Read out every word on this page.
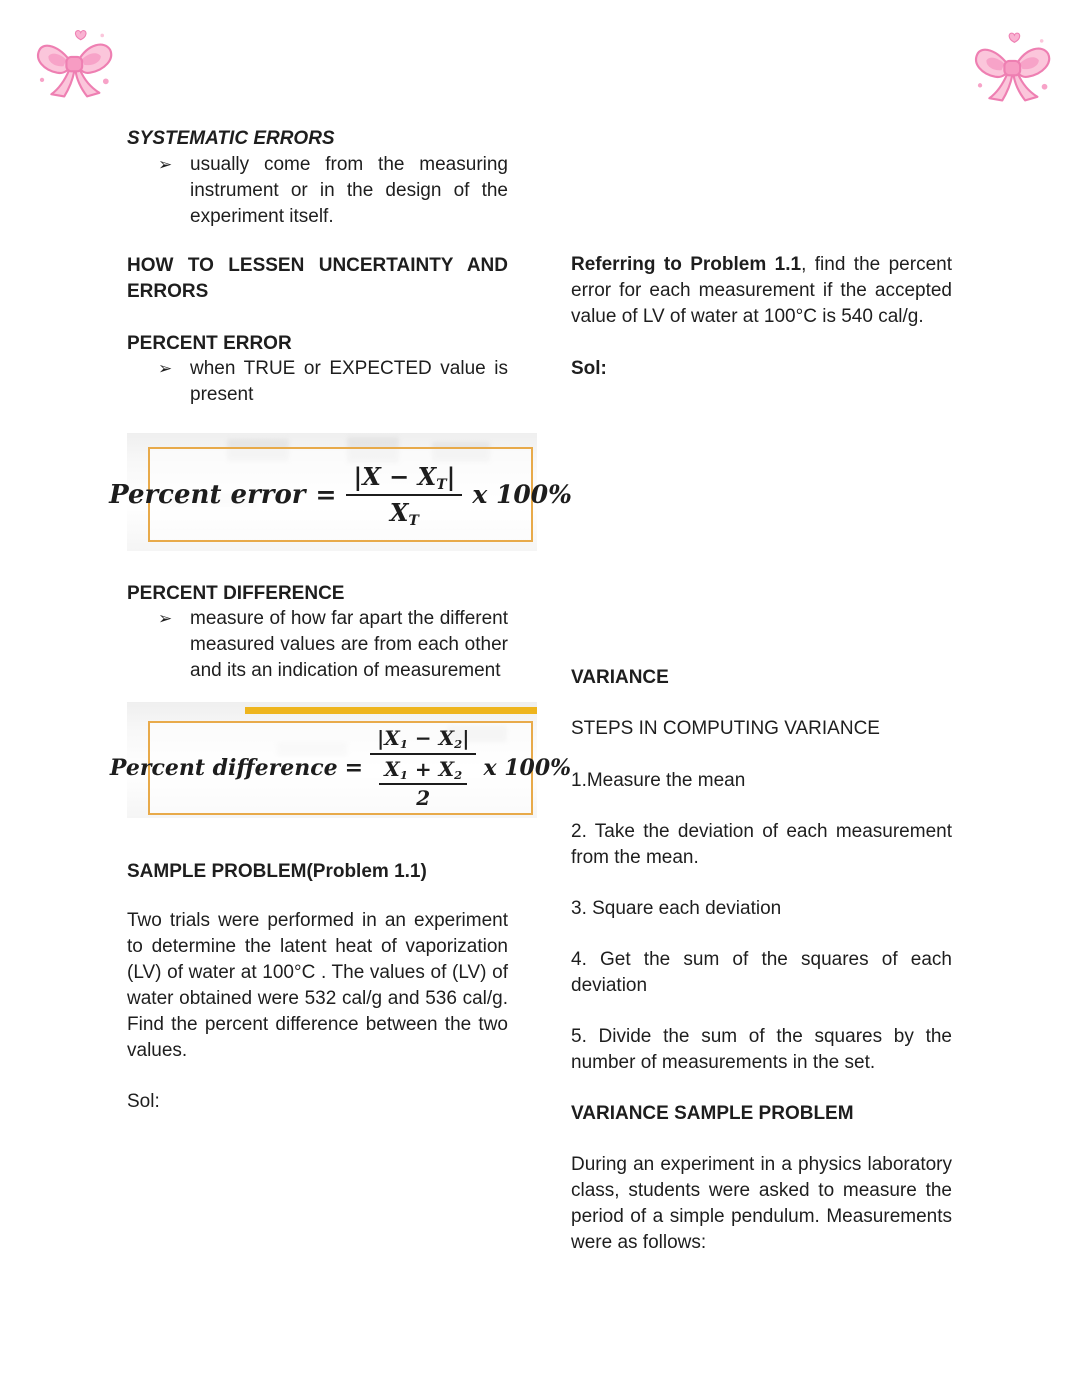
SYSTEMATIC ERRORS
➢ usually come from the measuring instrument or in the design of the experiment itself.
HOW TO LESSEN UNCERTAINTY AND ERRORS
PERCENT ERROR
➢ when TRUE or EXPECTED value is present
Percent error = $\frac{|X - X_T|}{X_T}$ x 100%
PERCENT DIFFERENCE
➢ measure of how far apart the different measured values are from each other and its an indication of measurement
Percent difference = $\frac{|X_1 - X_2|}{\frac{X_1 + X_2}{2}}$ x 100%
SAMPLE PROBLEM(Problem 1.1)
Two trials were performed in an experiment to determine the latent heat of vaporization (LV) of water at 100°C . The values of (LV) of water obtained were 532 cal/g and 536 cal/g. Find the percent difference between the two values.
Sol:
Referring to Problem 1.1, find the percent error for each measurement if the accepted value of LV of water at 100°C is 540 cal/g.
Sol:
VARIANCE
STEPS IN COMPUTING VARIANCE
1.Measure the mean
2. Take the deviation of each measurement from the mean.
3. Square each deviation
4. Get the sum of the squares of each deviation
5. Divide the sum of the squares by the number of measurements in the set.
VARIANCE SAMPLE PROBLEM
During an experiment in a physics laboratory class, students were asked to measure the period of a simple pendulum. Measurements were as follows:
